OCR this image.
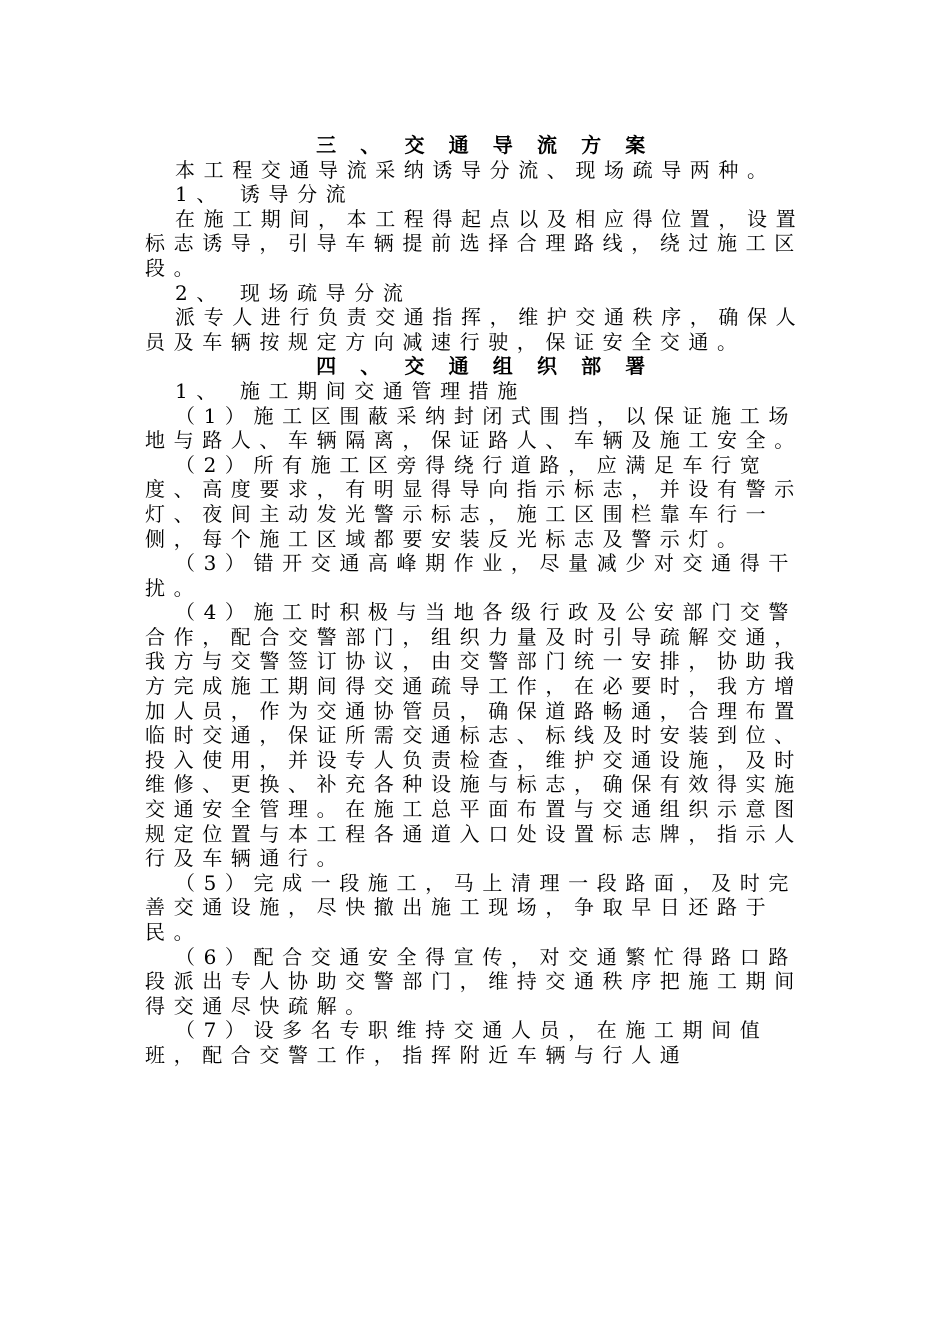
三 、 交 通 导 流 方 案

本工程交通导流采纳诱导分流、现场疏导两种。

1、 诱导分流

在施工期间，本工程得起点以及相应得位置，设置标志诱导，引导车辆提前选择合理路线，绕过施工区段。

2、 现场疏导分流

派专人进行负责交通指挥，维护交通秩序，确保人员及车辆按规定方向减速行驶，保证安全交通。

四 、 交 通 组 织 部 署

1、 施工期间交通管理措施

（1）施工区围蔽采纳封闭式围挡，以保证施工场地与路人、车辆隔离，保证路人、车辆及施工安全。

（2）所有施工区旁得绕行道路，应满足车行宽度、高度要求，有明显得导向指示标志，并设有警示灯、夜间主动发光警示标志，施工区围栏靠车行一侧，每个施工区域都要安装反光标志及警示灯。

（3）错开交通高峰期作业，尽量减少对交通得干扰。

（4）施工时积极与当地各级行政及公安部门交警合作，配合交警部门，组织力量及时引导疏解交通，我方与交警签订协议，由交警部门统一安排，协助我方完成施工期间得交通疏导工作，在必要时，我方增加人员，作为交通协管员，确保道路畅通，合理布置临时交通，保证所需交通标志、标线及时安装到位、投入使用，并设专人负责检查，维护交通设施，及时维修、更换、补充各种设施与标志，确保有效得实施交通安全管理。在施工总平面布置与交通组织示意图规定位置与本工程各通道入口处设置标志牌，指示人行及车辆通行。

（5）完成一段施工，马上清理一段路面，及时完善交通设施，尽快撤出施工现场，争取早日还路于民。

（6）配合交通安全得宣传，对交通繁忙得路口路段派出专人协助交警部门，维持交通秩序把施工期间得交通尽快疏解。

（7）设多名专职维持交通人员，在施工期间值班，配合交警工作，指挥附近车辆与行人通
